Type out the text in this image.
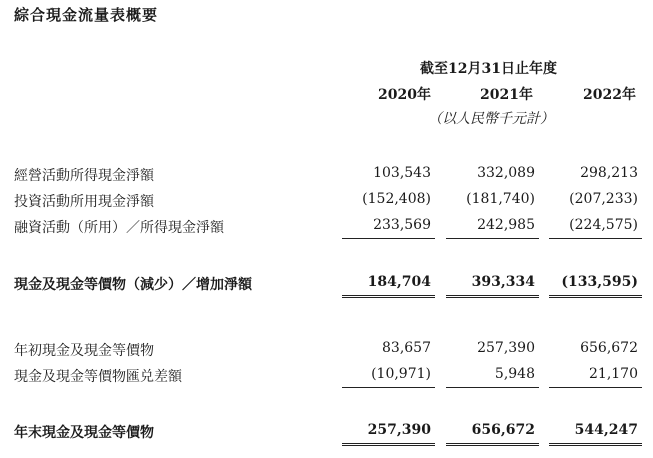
綜合現金流量表概要
截至12月31日止年度
2020年	2021年	2022年
（以人民幣千元計）
經營活動所得現金淨額	103,543	332,089	298,213
投資活動所用現金淨額	(152,408)	(181,740)	(207,233)
融資活動（所用）／所得現金淨額	233,569	242,985	(224,575)
現金及現金等價物（減少）／增加淨額	184,704	393,334	(133,595)
年初現金及現金等價物	83,657	257,390	656,672
現金及現金等價物匯兑差額	(10,971)	5,948	21,170
年末現金及現金等價物	257,390	656,672	544,247
